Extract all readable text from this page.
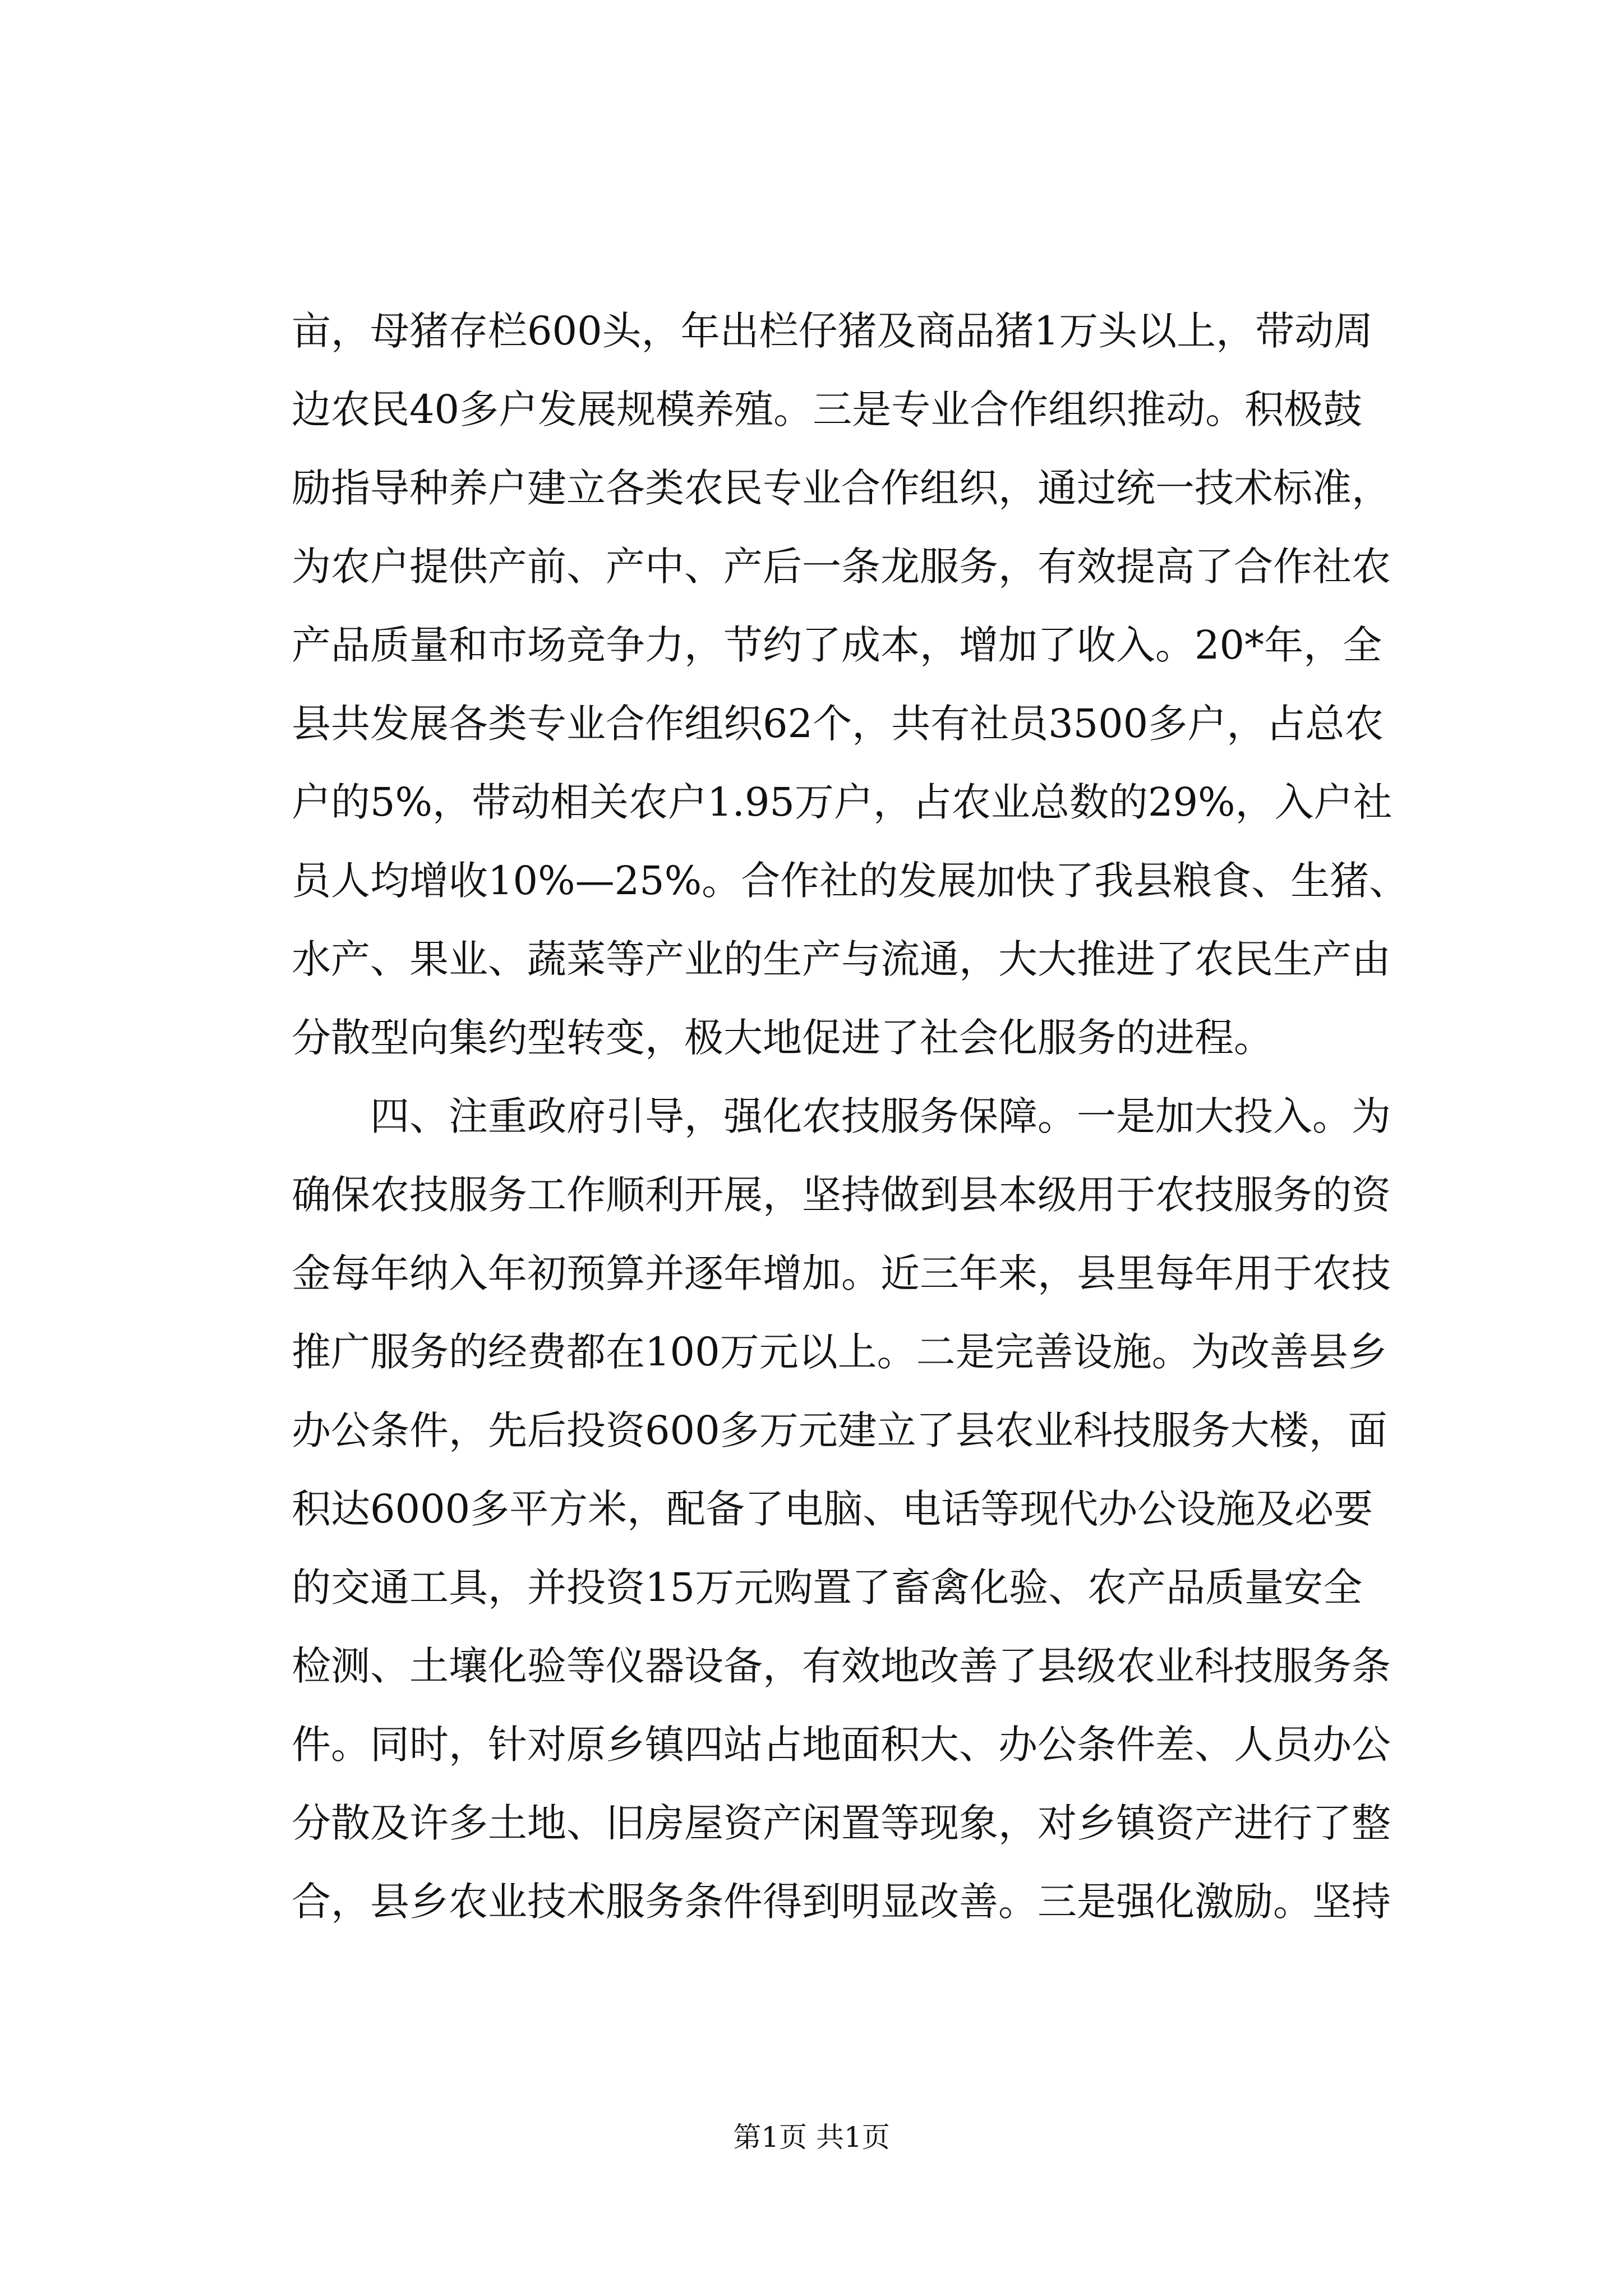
亩，母猪存栏600头，年出栏仔猪及商品猪1万头以上，带动周
边农民40多户发展规模养殖。三是专业合作组织推动。积极鼓
励指导种养户建立各类农民专业合作组织，通过统一技术标准，
为农户提供产前、产中、产后一条龙服务，有效提高了合作社农
产品质量和市场竞争力，节约了成本，增加了收入。20*年，全
县共发展各类专业合作组织62个，共有社员3500多户，占总农
户的5%，带动相关农户1.95万户，占农业总数的29%，入户社
员人均增收10%—25%。合作社的发展加快了我县粮食、生猪、
水产、果业、蔬菜等产业的生产与流通，大大推进了农民生产由
分散型向集约型转变，极大地促进了社会化服务的进程。
四、注重政府引导，强化农技服务保障。一是加大投入。为
确保农技服务工作顺利开展，坚持做到县本级用于农技服务的资
金每年纳入年初预算并逐年增加。近三年来，县里每年用于农技
推广服务的经费都在100万元以上。二是完善设施。为改善县乡
办公条件，先后投资600多万元建立了县农业科技服务大楼，面
积达6000多平方米，配备了电脑、电话等现代办公设施及必要
的交通工具，并投资15万元购置了畜禽化验、农产品质量安全
检测、土壤化验等仪器设备，有效地改善了县级农业科技服务条
件。同时，针对原乡镇四站占地面积大、办公条件差、人员办公
分散及许多土地、旧房屋资产闲置等现象，对乡镇资产进行了整
合，县乡农业技术服务条件得到明显改善。三是强化激励。坚持
第1页 共1页
